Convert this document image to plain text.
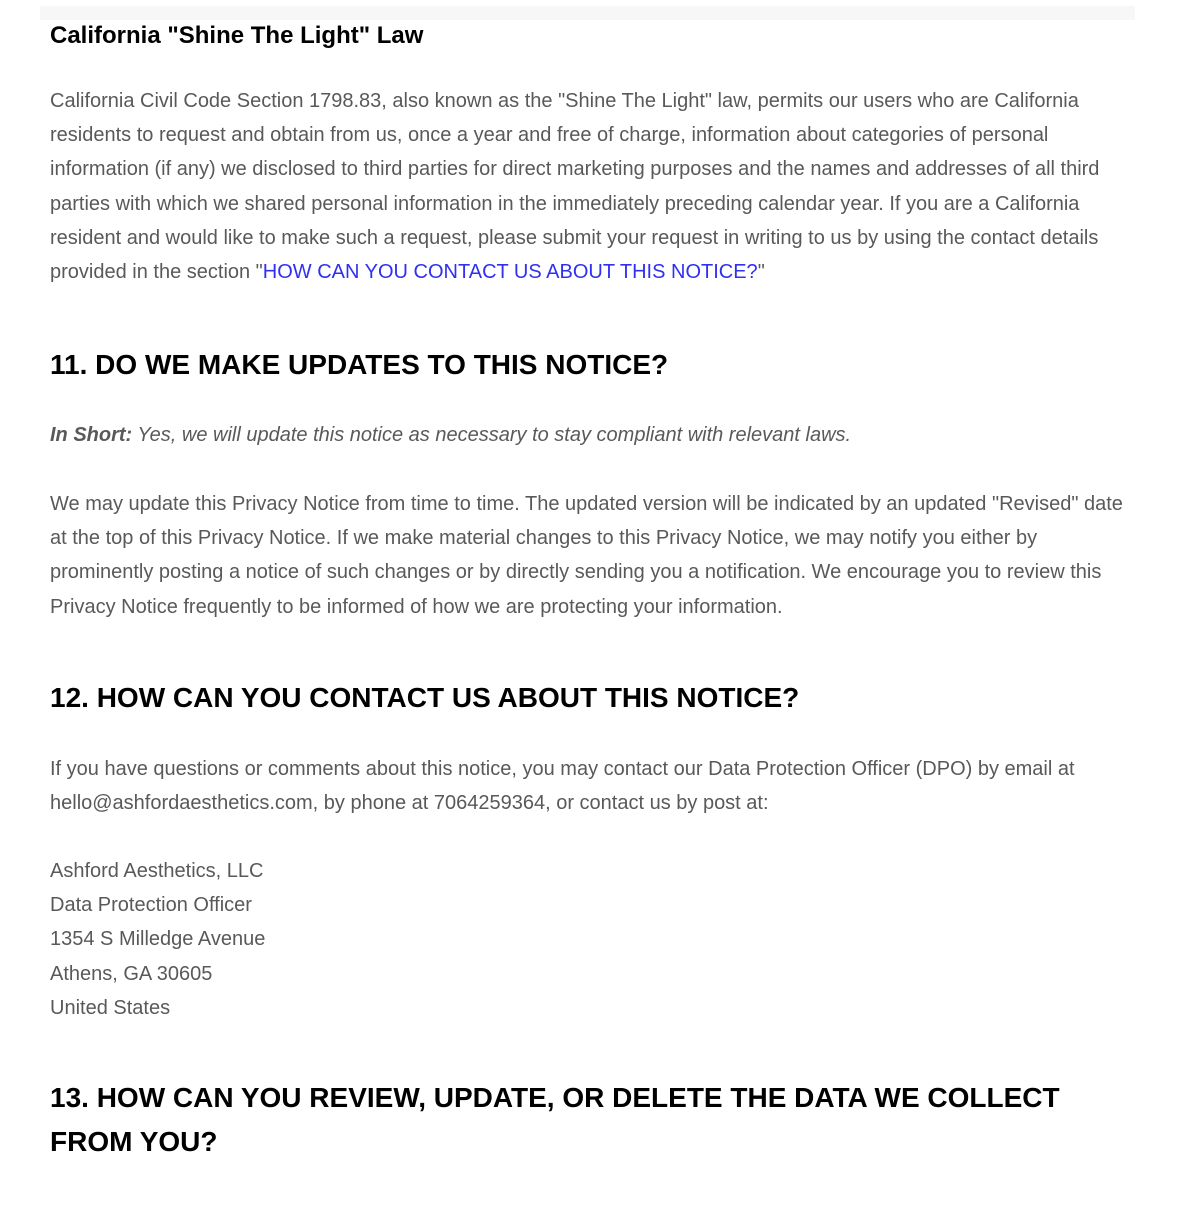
California "Shine The Light" Law

California Civil Code Section 1798.83, also known as the "Shine The Light" law, permits our users who are California residents to request and obtain from us, once a year and free of charge, information about categories of personal information (if any) we disclosed to third parties for direct marketing purposes and the names and addresses of all third parties with which we shared personal information in the immediately preceding calendar year. If you are a California resident and would like to make such a request, please submit your request in writing to us by using the contact details provided in the section "HOW CAN YOU CONTACT US ABOUT THIS NOTICE?"

11. DO WE MAKE UPDATES TO THIS NOTICE?

In Short: Yes, we will update this notice as necessary to stay compliant with relevant laws.

We may update this Privacy Notice from time to time. The updated version will be indicated by an updated "Revised" date at the top of this Privacy Notice. If we make material changes to this Privacy Notice, we may notify you either by prominently posting a notice of such changes or by directly sending you a notification. We encourage you to review this Privacy Notice frequently to be informed of how we are protecting your information.

12. HOW CAN YOU CONTACT US ABOUT THIS NOTICE?

If you have questions or comments about this notice, you may contact our Data Protection Officer (DPO) by email at hello@ashfordaesthetics.com, by phone at 7064259364, or contact us by post at:

Ashford Aesthetics, LLC
Data Protection Officer
1354 S Milledge Avenue
Athens, GA 30605
United States

13. HOW CAN YOU REVIEW, UPDATE, OR DELETE THE DATA WE COLLECT FROM YOU?
